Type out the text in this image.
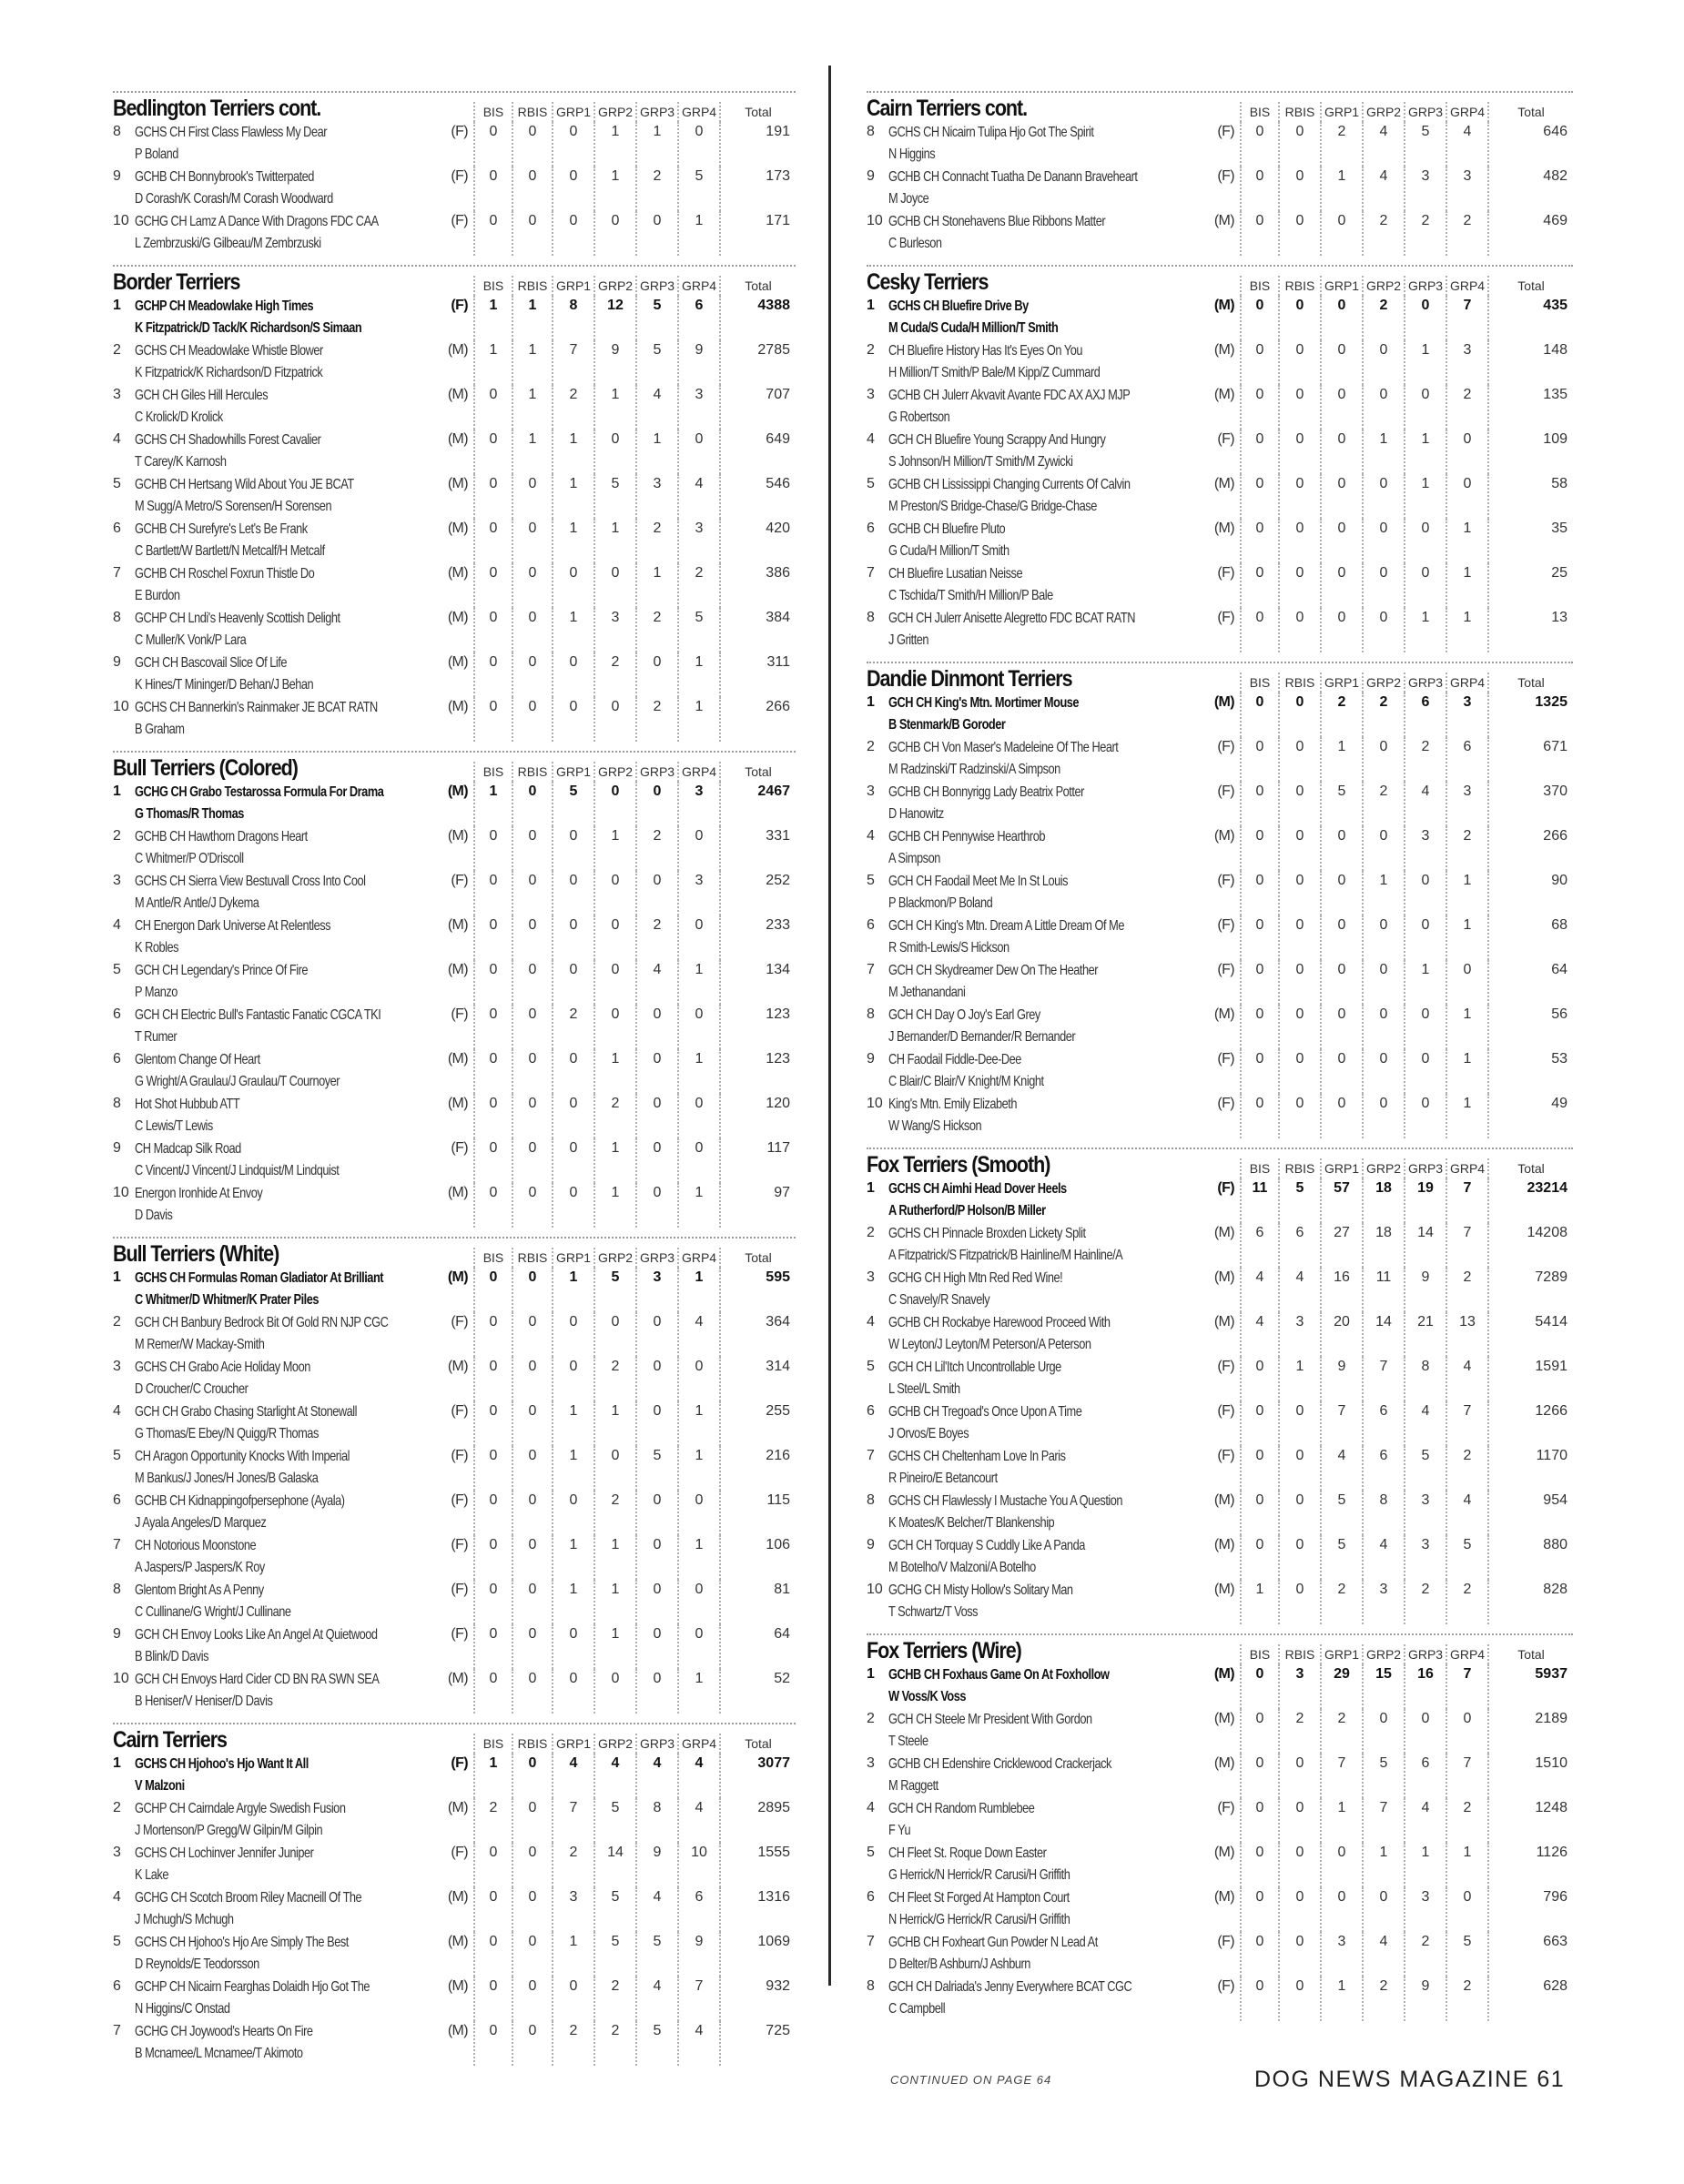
Bedlington Terriers cont.	BIS	RBIS GRP1 GRP2 GRP3 GRP4	Total
8 GCHS CH First Class Flawless My Dear
P Boland
(F)	0	0	0	1	1	0	191
9 GCHB CH Bonnybrook's Twitterpated
D Corash/K Corash/M Corash Woodward
(F)	0	0	0	1	2	5	173
10 GCHG CH Lamz A Dance With Dragons FDC CAA
L Zembrzuski/G Gilbeau/M Zembrzuski
(F)	0	0	0	0	0	1	171
Border Terriers	BIS	RBIS GRP1 GRP2 GRP3 GRP4	Total
1 GCHP CH Meadowlake High Times
K Fitzpatrick/D Tack/K Richardson/S Simaan
(F)	1	1	8	12	5	6	4388
2 GCHS CH Meadowlake Whistle Blower
K Fitzpatrick/K Richardson/D Fitzpatrick
(M)	1	1	7	9	5	9	2785
3 GCH CH Giles Hill Hercules
C Krolick/D Krolick
(M)	0	1	2	1	4	3	707
4 GCHS CH Shadowhills Forest Cavalier
T Carey/K Karnosh
(M)	0	1	1	0	1	0	649
5 GCHB CH Hertsang Wild About You JE BCAT
M Sugg/A Metro/S Sorensen/H Sorensen
(M)	0	0	1	5	3	4	546
6 GCHB CH Surefyre's Let's Be Frank
C Bartlett/W Bartlett/N Metcalf/H Metcalf
(M)	0	0	1	1	2	3	420
7 GCHB CH Roschel Foxrun Thistle Do
E Burdon
(M)	0	0	0	0	1	2	386
8 GCHP CH Lndi's Heavenly Scottish Delight
C Muller/K Vonk/P Lara
(M)	0	0	1	3	2	5	384
9 GCH CH Bascovail Slice Of Life
K Hines/T Mininger/D Behan/J Behan
(M)	0	0	0	2	0	1	311
10 GCHS CH Bannerkin's Rainmaker JE BCAT RATN
B Graham
(M)	0	0	0	0	2	1	266
Bull Terriers (Colored)	BIS	RBIS GRP1 GRP2 GRP3 GRP4	Total
1 GCHG CH Grabo Testarossa Formula For Drama
G Thomas/R Thomas
(M)	1	0	5	0	0	3	2467
2 GCHB CH Hawthorn Dragons Heart
C Whitmer/P O'Driscoll
(M)	0	0	0	1	2	0	331
3 GCHS CH Sierra View Bestuvall Cross Into Cool
M Antle/R Antle/J Dykema
(F)	0	0	0	0	0	3	252
4 CH Energon Dark Universe At Relentless
K Robles
(M)	0	0	0	0	2	0	233
5 GCH CH Legendary's Prince Of Fire
P Manzo
(M)	0	0	0	0	4	1	134
6 GCH CH Electric Bull's Fantastic Fanatic CGCA TKI
T Rumer
(F)	0	0	2	0	0	0	123
6 Glentom Change Of Heart
G Wright/A Graulau/J Graulau/T Cournoyer
(M)	0	0	0	1	0	1	123
8 Hot Shot Hubbub ATT
C Lewis/T Lewis
(M)	0	0	0	2	0	0	120
9 CH Madcap Silk Road
C Vincent/J Vincent/J Lindquist/M Lindquist
(F)	0	0	0	1	0	0	117
10 Energon Ironhide At Envoy
D Davis
(M)	0	0	0	1	0	1	97
Bull Terriers (White)	BIS	RBIS GRP1 GRP2 GRP3 GRP4	Total
1 GCHS CH Formulas Roman Gladiator At Brilliant
C Whitmer/D Whitmer/K Prater Piles
(M)	0	0	1	5	3	1	595
2 GCH CH Banbury Bedrock Bit Of Gold RN NJP CGC
M Remer/W Mackay-Smith
(F)	0	0	0	0	0	4	364
3 GCHS CH Grabo Acie Holiday Moon
D Croucher/C Croucher
(M)	0	0	0	2	0	0	314
4 GCH CH Grabo Chasing Starlight At Stonewall
G Thomas/E Ebey/N Quigg/R Thomas
(F)	0	0	1	1	0	1	255
5 CH Aragon Opportunity Knocks With Imperial
M Bankus/J Jones/H Jones/B Galaska
(F)	0	0	1	0	5	1	216
6 GCHB CH Kidnappingofpersephone (Ayala)
J Ayala Angeles/D Marquez
(F)	0	0	0	2	0	0	115
7 CH Notorious Moonstone
A Jaspers/P Jaspers/K Roy
(F)	0	0	1	1	0	1	106
8 Glentom Bright As A Penny
C Cullinane/G Wright/J Cullinane
(F)	0	0	1	1	0	0	81
9 GCH CH Envoy Looks Like An Angel At Quietwood
B Blink/D Davis
(F)	0	0	0	1	0	0	64
10 GCH CH Envoys Hard Cider CD BN RA SWN SEA
B Heniser/V Heniser/D Davis
(M)	0	0	0	0	0	1	52
Cairn Terriers	BIS	RBIS GRP1 GRP2 GRP3 GRP4	Total
1 GCHS CH Hjohoo's Hjo Want It All
V Malzoni
(F)	1	0	4	4	4	4	3077
2 GCHP CH Cairndale Argyle Swedish Fusion
J Mortenson/P Gregg/W Gilpin/M Gilpin
(M)	2	0	7	5	8	4	2895
3 GCHS CH Lochinver Jennifer Juniper
K Lake
(F)	0	0	2	14	9	10	1555
4 GCHG CH Scotch Broom Riley Macneill Of The
J Mchugh/S Mchugh
(M)	0	0	3	5	4	6	1316
5 GCHS CH Hjohoo's Hjo Are Simply The Best
D Reynolds/E Teodorsson
(M)	0	0	1	5	5	9	1069
6 GCHP CH Nicairn Fearghas Dolaidh Hjo Got The
N Higgins/C Onstad
(M)	0	0	0	2	4	7	932
7 GCHG CH Joywood's Hearts On Fire
B Mcnamee/L Mcnamee/T Akimoto
(M)	0	0	2	2	5	4	725
Cairn Terriers cont.	BIS	RBIS GRP1 GRP2 GRP3 GRP4	Total
8 GCHS CH Nicairn Tulipa Hjo Got The Spirit
N Higgins
(F)	0	0	2	4	5	4	646
9 GCHB CH Connacht Tuatha De Danann Braveheart
M Joyce
(F)	0	0	1	4	3	3	482
10 GCHB CH Stonehavens Blue Ribbons Matter
C Burleson
(M)	0	0	0	2	2	2	469
Cesky Terriers	BIS	RBIS GRP1 GRP2 GRP3 GRP4	Total
1 GCHS CH Bluefire Drive By
M Cuda/S Cuda/H Million/T Smith
(M)	0	0	0	2	0	7	435
2 CH Bluefire History Has It's Eyes On You
H Million/T Smith/P Bale/M Kipp/Z Cummard
(M)	0	0	0	0	1	3	148
3 GCHB CH Julerr Akvavit Avante FDC AX AXJ MJP
G Robertson
(M)	0	0	0	0	0	2	135
4 GCH CH Bluefire Young Scrappy And Hungry
S Johnson/H Million/T Smith/M Zywicki
(F)	0	0	0	1	1	0	109
5 GCHB CH Lississippi Changing Currents Of Calvin
M Preston/S Bridge-Chase/G Bridge-Chase
(M)	0	0	0	0	1	0	58
6 GCHB CH Bluefire Pluto
G Cuda/H Million/T Smith
(M)	0	0	0	0	0	1	35
7 CH Bluefire Lusatian Neisse
C Tschida/T Smith/H Million/P Bale
(F)	0	0	0	0	0	1	25
8 GCH CH Julerr Anisette Alegretto FDC BCAT RATN
J Gritten
(F)	0	0	0	0	1	1	13
Dandie Dinmont Terriers	BIS	RBIS GRP1 GRP2 GRP3 GRP4	Total
1 GCH CH King's Mtn. Mortimer Mouse
B Stenmark/B Goroder
(M)	0	0	2	2	6	3	1325
2 GCHB CH Von Maser's Madeleine Of The Heart
M Radzinski/T Radzinski/A Simpson
(F)	0	0	1	0	2	6	671
3 GCHB CH Bonnyrigg Lady Beatrix Potter
D Hanowitz
(F)	0	0	5	2	4	3	370
4 GCHB CH Pennywise Hearthrob
A Simpson
(M)	0	0	0	0	3	2	266
5 GCH CH Faodail Meet Me In St Louis
P Blackmon/P Boland
(F)	0	0	0	1	0	1	90
6 GCH CH King's Mtn. Dream A Little Dream Of Me
R Smith-Lewis/S Hickson
(F)	0	0	0	0	0	1	68
7 GCH CH Skydreamer Dew On The Heather
M Jethanandani
(F)	0	0	0	0	1	0	64
8 GCH CH Day O Joy's Earl Grey
J Bernander/D Bernander/R Bernander
(M)	0	0	0	0	0	1	56
9 CH Faodail Fiddle-Dee-Dee
C Blair/C Blair/V Knight/M Knight
(F)	0	0	0	0	0	1	53
10 King's Mtn. Emily Elizabeth
W Wang/S Hickson
(F)	0	0	0	0	0	1	49
Fox Terriers (Smooth)	BIS	RBIS GRP1 GRP2 GRP3 GRP4	Total
1 GCHS CH Aimhi Head Dover Heels
A Rutherford/P Holson/B Miller
(F)	11	5	57	18	19	7	23214
2 GCHS CH Pinnacle Broxden Lickety Split
A Fitzpatrick/S Fitzpatrick/B Hainline/M Hainline/A
(M)	6	6	27	18	14	7	14208
3 GCHG CH High Mtn Red Red Wine!
C Snavely/R Snavely
(M)	4	4	16	11	9	2	7289
4 GCHB CH Rockabye Harewood Proceed With
W Leyton/J Leyton/M Peterson/A Peterson
(M)	4	3	20	14	21	13	5414
5 GCH CH Lil'Itch Uncontrollable Urge
L Steel/L Smith
(F)	0	1	9	7	8	4	1591
6 GCHB CH Tregoad's Once Upon A Time
J Orvos/E Boyes
(F)	0	0	7	6	4	7	1266
7 GCHS CH Cheltenham Love In Paris
R Pineiro/E Betancourt
(F)	0	0	4	6	5	2	1170
8 GCHS CH Flawlessly I Mustache You A Question
K Moates/K Belcher/T Blankenship
(M)	0	0	5	8	3	4	954
9 GCH CH Torquay S Cuddly Like A Panda
M Botelho/V Malzoni/A Botelho
(M)	0	0	5	4	3	5	880
10 GCHG CH Misty Hollow's Solitary Man
T Schwartz/T Voss
(M)	1	0	2	3	2	2	828
Fox Terriers (Wire)	BIS	RBIS GRP1 GRP2 GRP3 GRP4	Total
1 GCHB CH Foxhaus Game On At Foxhollow
W Voss/K Voss
(M)	0	3	29	15	16	7	5937
2 GCH CH Steele Mr President With Gordon
T Steele
(M)	0	2	2	0	0	0	2189
3 GCHB CH Edenshire Cricklewood Crackerjack
M Raggett
(M)	0	0	7	5	6	7	1510
4 GCH CH Random Rumblebee
F Yu
(F)	0	0	1	7	4	2	1248
5 CH Fleet St. Roque Down Easter
G Herrick/N Herrick/R Carusi/H Griffith
(M)	0	0	0	1	1	1	1126
6 CH Fleet St Forged At Hampton Court
N Herrick/G Herrick/R Carusi/H Griffith
(M)	0	0	0	0	3	0	796
7 GCHB CH Foxheart Gun Powder N Lead At
D Belter/B Ashburn/J Ashburn
(F)	0	0	3	4	2	5	663
8 GCH CH Dalriada's Jenny Everywhere BCAT CGC
C Campbell
(F)	0	0	1	2	9	2	628
CONTINUED ON PAGE 64	DOG NEWS MAGAZINE 61
